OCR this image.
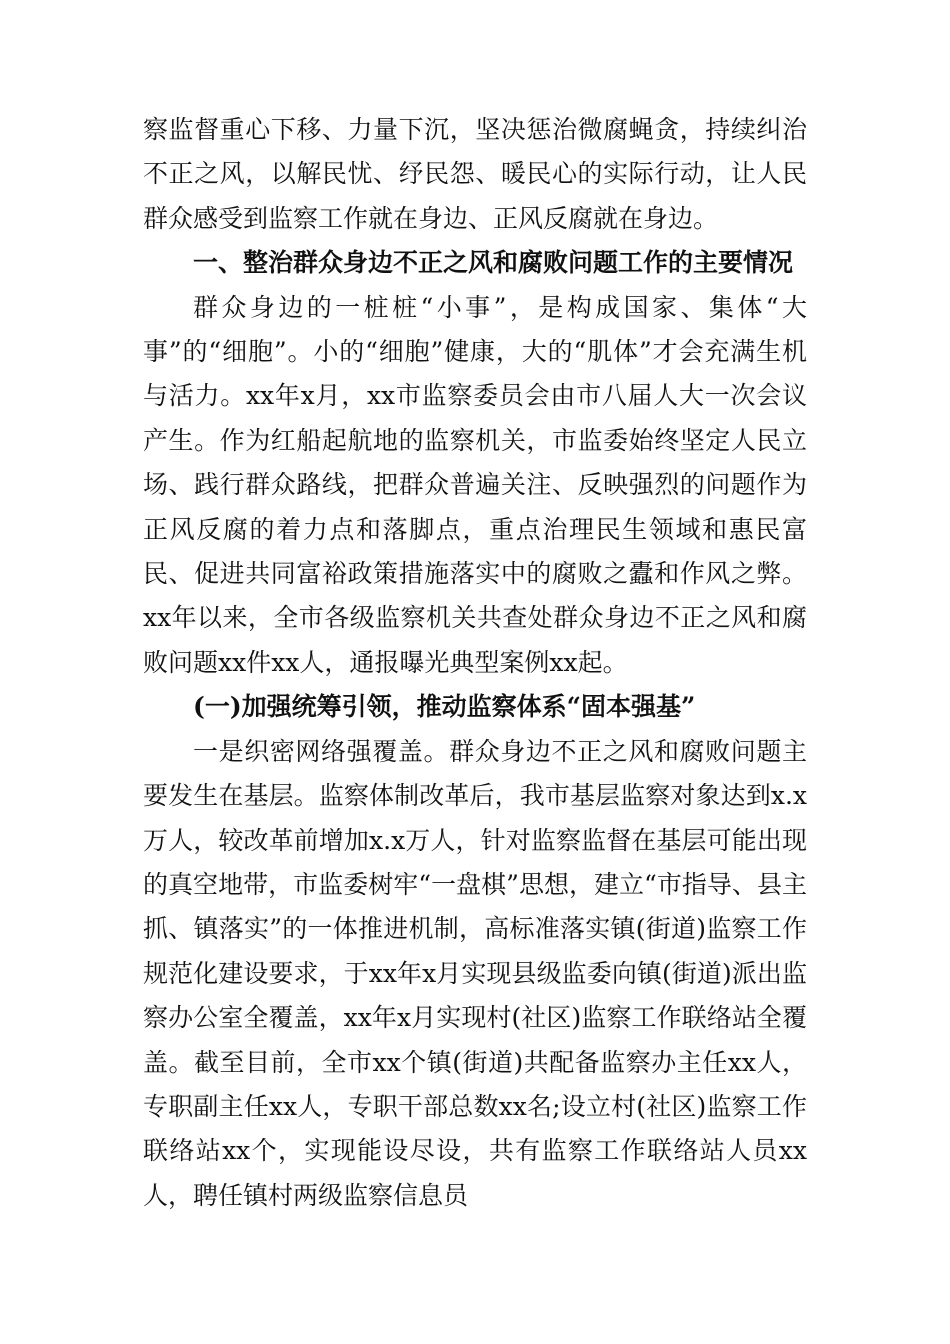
察监督重心下移、力量下沉，坚决惩治微腐蝇贪，持续纠治不正之风，以解民忧、纾民怨、暖民心的实际行动，让人民群众感受到监察工作就在身边、正风反腐就在身边。

一、整治群众身边不正之风和腐败问题工作的主要情况

群众身边的一桩桩“小事”，是构成国家、集体“大事”的“细胞”。小的“细胞”健康，大的“肌体”才会充满生机与活力。xx年x月，xx市监察委员会由市八届人大一次会议产生。作为红船起航地的监察机关，市监委始终坚定人民立场、践行群众路线，把群众普遍关注、反映强烈的问题作为正风反腐的着力点和落脚点，重点治理民生领域和惠民富民、促进共同富裕政策措施落实中的腐败之蠹和作风之弊。xx年以来，全市各级监察机关共查处群众身边不正之风和腐败问题xx件xx人，通报曝光典型案例xx起。

(一)加强统筹引领，推动监察体系“固本强基”

一是织密网络强覆盖。群众身边不正之风和腐败问题主要发生在基层。监察体制改革后，我市基层监察对象达到x.x万人，较改革前增加x.x万人，针对监察监督在基层可能出现的真空地带，市监委树牢“一盘棋”思想，建立“市指导、县主抓、镇落实”的一体推进机制，高标准落实镇(街道)监察工作规范化建设要求，于xx年x月实现县级监委向镇(街道)派出监察办公室全覆盖，xx年x月实现村(社区)监察工作联络站全覆盖。截至目前，全市xx个镇(街道)共配备监察办主任xx人，专职副主任xx人，专职干部总数xx名;设立村(社区)监察工作联络站xx个，实现能设尽设，共有监察工作联络站人员xx人，聘任镇村两级监察信息员
